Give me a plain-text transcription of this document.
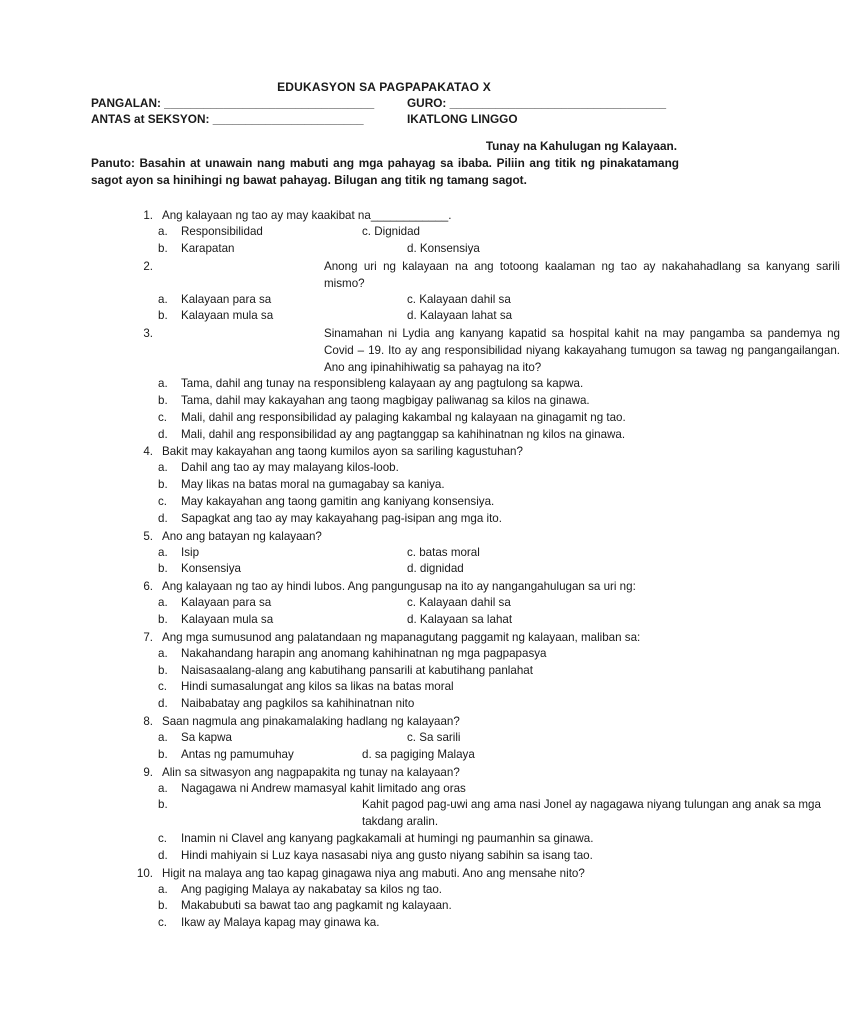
EDUKASYON SA PAGPAPAKATAO X
PANGALAN: ________________________________	GURO: _________________________________
ANTAS at SEKSYON: _______________________	IKATLONG LINGGO
Tunay na Kahulugan ng Kalayaan.
Panuto: Basahin at unawain nang mabuti ang mga pahayag sa ibaba. Piliin ang titik ng pinakatamang sagot ayon sa hinihingi ng bawat pahayag. Bilugan ang titik ng tamang sagot.
1. Ang kalayaan ng tao ay may kaakibat na____________.
a. Responsibilidad	c. Dignidad
b. Karapatan	d. Konsensiya
2.	Anong uri ng kalayaan na ang totoong kaalaman ng tao ay nakahahadlang sa kanyang sarili mismo?
a. Kalayaan para sa	c. Kalayaan dahil sa
b. Kalayaan mula sa	d. Kalayaan lahat sa
3.	Sinamahan ni Lydia ang kanyang kapatid sa hospital kahit na may pangamba sa pandemya ng Covid – 19. Ito ay ang responsibilidad niyang kakayahang tumugon sa tawag ng pangangailangan. Ano ang ipinahihiwatig sa pahayag na ito?
a. Tama, dahil ang tunay na responsibleng kalayaan ay ang pagtulong sa kapwa.
b. Tama, dahil may kakayahan ang taong magbigay paliwanag sa kilos na ginawa.
c. Mali, dahil ang responsibilidad ay palaging kakambal ng kalayaan na ginagamit ng tao.
d. Mali, dahil ang responsibilidad ay ang pagtanggap sa kahihinatnan ng kilos na ginawa.
4. Bakit may kakayahan ang taong kumilos ayon sa sariling kagustuhan?
a. Dahil ang tao ay may malayang kilos-loob.
b. May likas na batas moral na gumagabay sa kaniya.
c. May kakayahan ang taong gamitin ang kaniyang konsensiya.
d. Sapagkat ang tao ay may kakayahang pag-isipan ang mga ito.
5. Ano ang batayan ng kalayaan?
a. Isip	c. batas moral
b. Konsensiya	d. dignidad
6. Ang kalayaan ng tao ay hindi lubos. Ang pangungusap na ito ay nangangahulugan sa uri ng:
a. Kalayaan para sa	c. Kalayaan dahil sa
b. Kalayaan mula sa	d. Kalayaan sa lahat
7. Ang mga sumusunod ang palatandaan ng mapanagutang paggamit ng kalayaan, maliban sa:
a. Nakahandang harapin ang anomang kahihinatnan ng mga pagpapasya
b. Naisasaalang-alang ang kabutihang pansarili at kabutihang panlahat
c. Hindi sumasalungat ang kilos sa likas na batas moral
d. Naibabatay ang pagkilos sa kahihinatnan nito
8. Saan nagmula ang pinakamalaking hadlang ng kalayaan?
a. Sa kapwa	c. Sa sarili
b. Antas ng pamumuhay	d. sa pagiging Malaya
9. Alin sa sitwasyon ang nagpapakita ng tunay na kalayaan?
a. Nagagawa ni Andrew mamasyal kahit limitado ang oras
b.	Kahit pagod pag-uwi ang ama nasi Jonel ay nagagawa niyang tulungan ang anak sa mga takdang aralin.
c. Inamin ni Clavel ang kanyang pagkakamali at humingi ng paumanhin sa ginawa.
d. Hindi mahiyain si Luz kaya nasasabi niya ang gusto niyang sabihin sa isang tao.
10. Higit na malaya ang tao kapag ginagawa niya ang mabuti. Ano ang mensahe nito?
a. Ang pagiging Malaya ay nakabatay sa kilos ng tao.
b. Makabubuti sa bawat tao ang pagkamit ng kalayaan.
c. Ikaw ay Malaya kapag may ginawa ka.
